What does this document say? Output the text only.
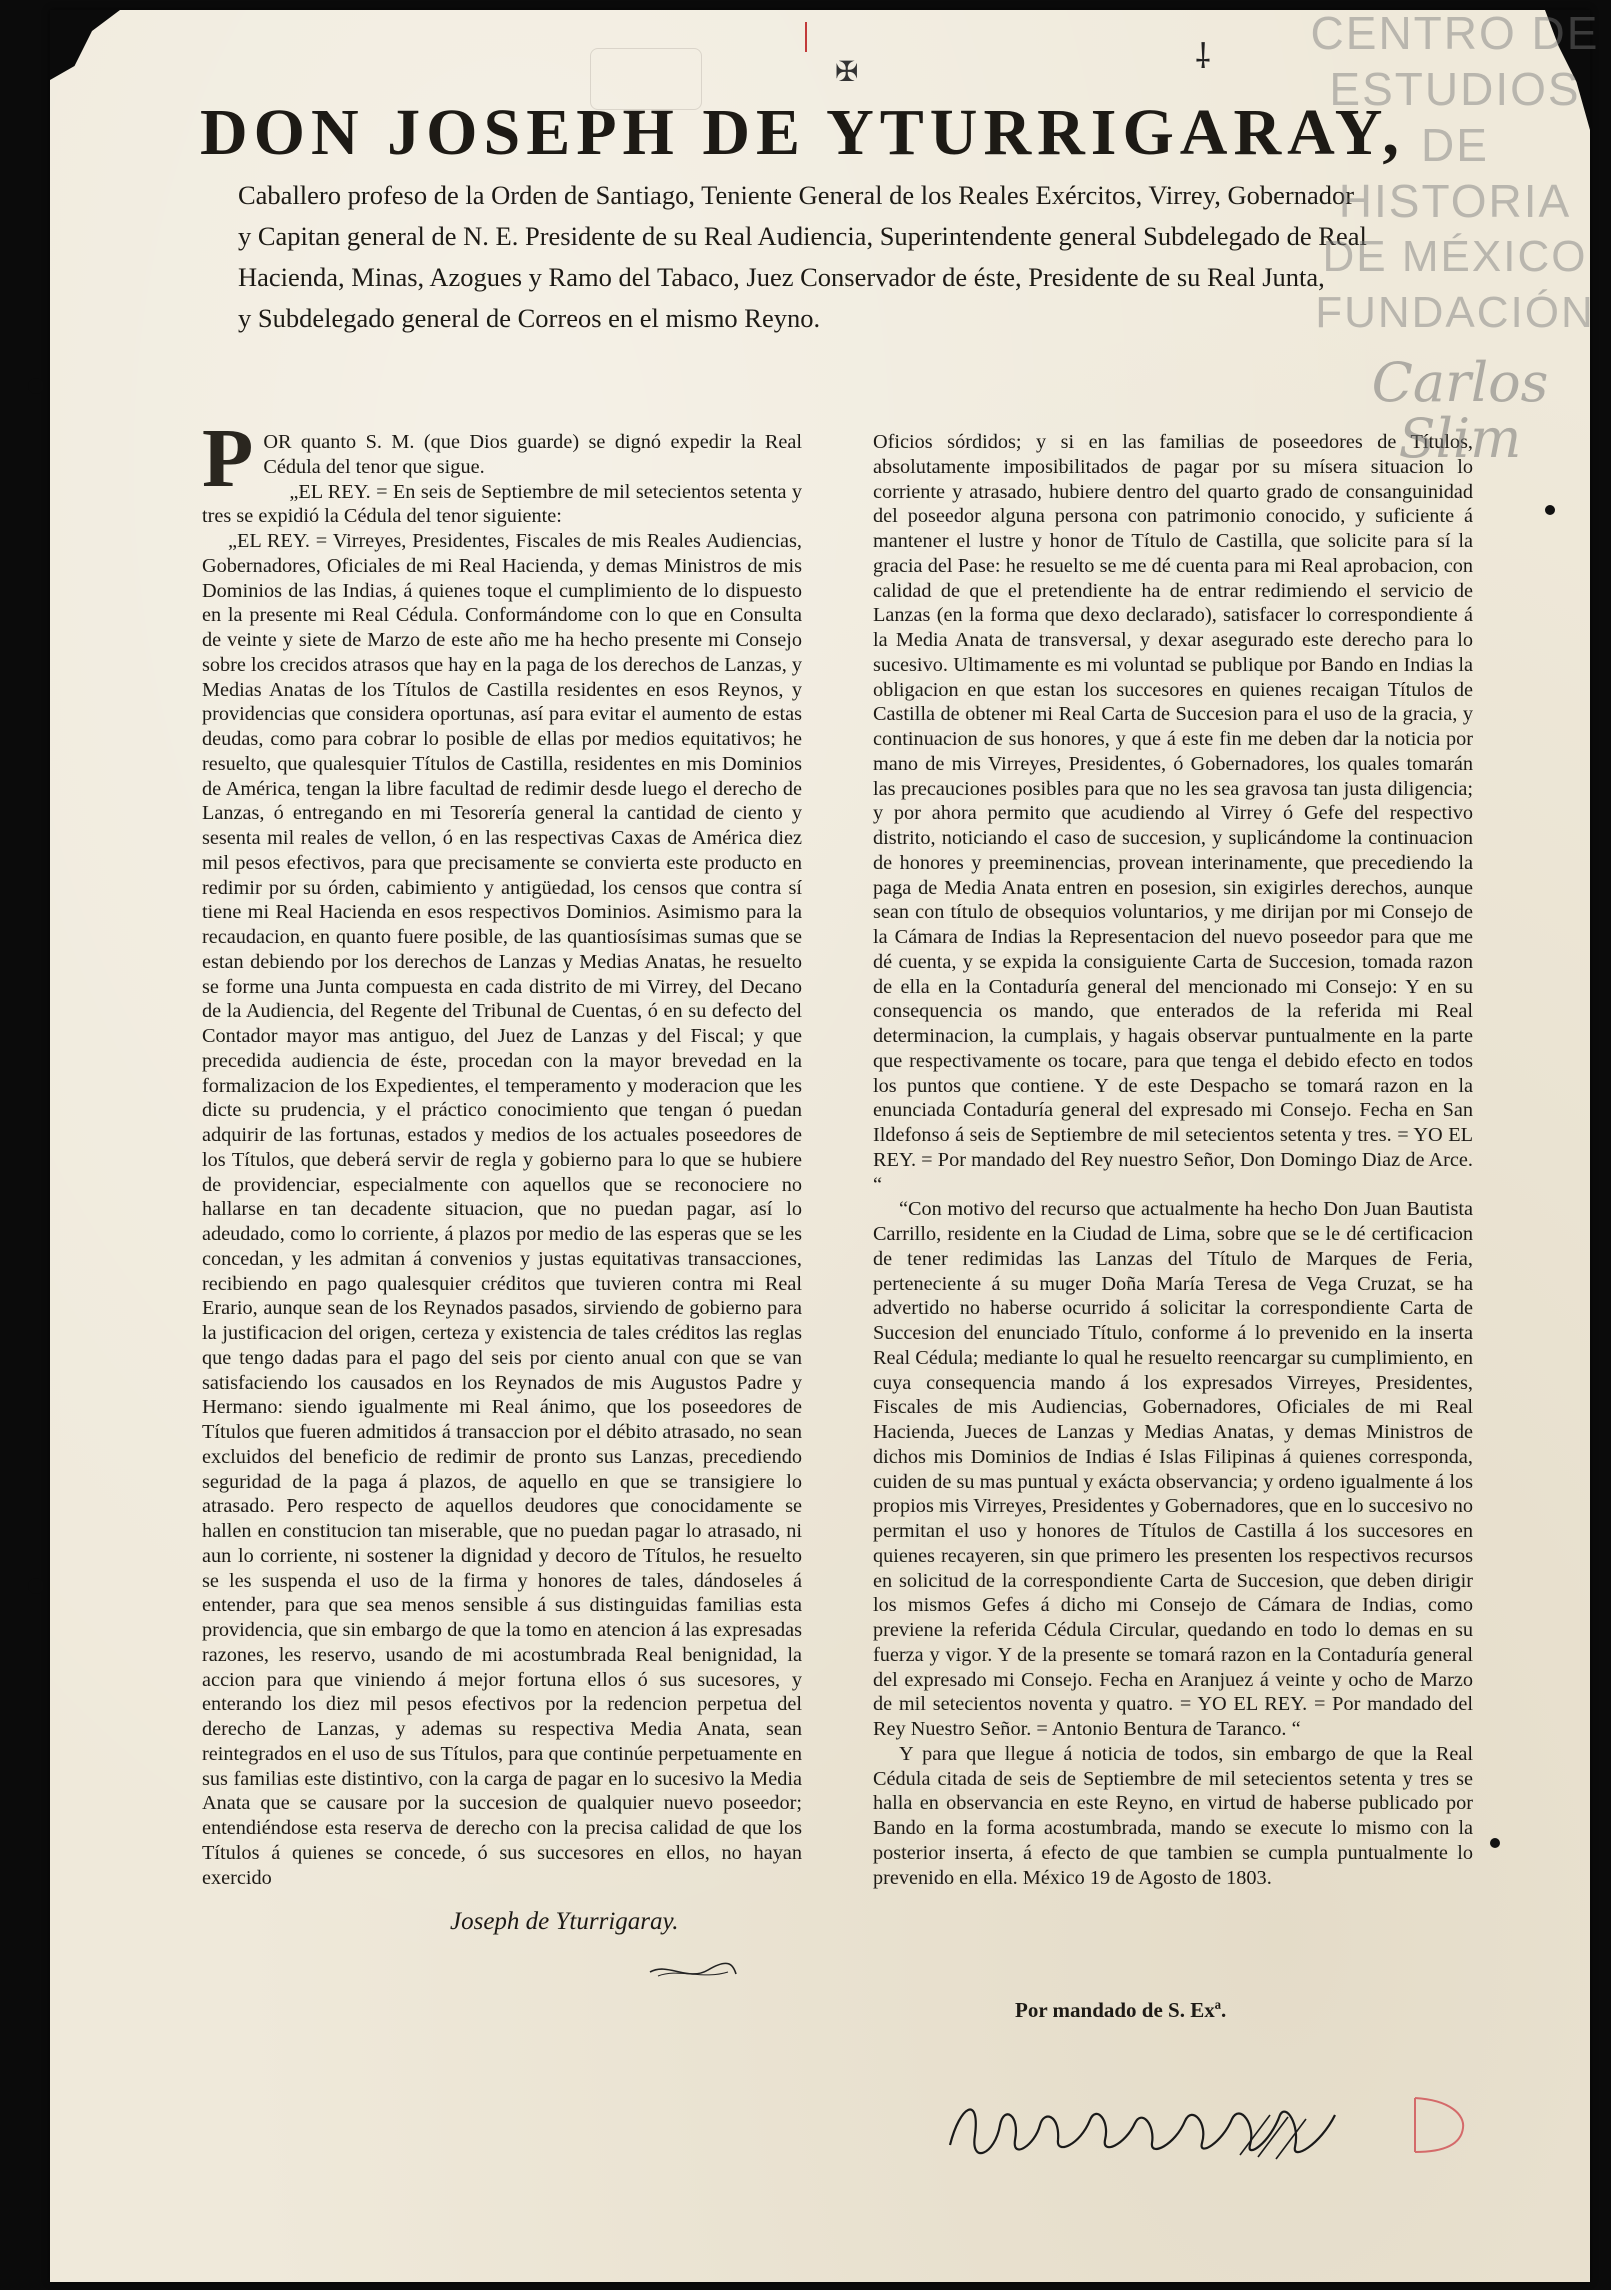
✠	⸸
DON JOSEPH DE YTURRIGARAY,
Caballero profeso de la Orden de Santiago, Teniente General de los Reales Exércitos, Virrey, Gobernador
y Capitan general de N. E. Presidente de su Real Audiencia, Superintendente general Subdelegado de Real
Hacienda, Minas, Azogues y Ramo del Tabaco, Juez Conservador de éste, Presidente de su Real Junta,
y Subdelegado general de Correos en el mismo Reyno.

POR quanto S. M. (que Dios guarde) se dignó expedir la Real Cédula del tenor que sigue.

„EL REY. = En seis de Septiembre de mil setecientos setenta y tres se expidió la Cédula del tenor siguiente:

„EL REY. = Virreyes, Presidentes, Fiscales de mis Reales Audiencias, Gobernadores, Oficiales de mi Real Hacienda, y demas Ministros de mis Dominios de las Indias, á quienes toque el cumplimiento de lo dispuesto en la presente mi Real Cédula. Conformándome con lo que en Consulta de veinte y siete de Marzo de este año me ha hecho presente mi Consejo sobre los crecidos atrasos que hay en la paga de los derechos de Lanzas, y Medias Anatas de los Títulos de Castilla residentes en esos Reynos, y providencias que considera oportunas, así para evitar el aumento de estas deudas, como para cobrar lo posible de ellas por medios equitativos; he resuelto, que qualesquier Títulos de Castilla, residentes en mis Dominios de América, tengan la libre facultad de redimir desde luego el derecho de Lanzas, ó entregando en mi Tesorería general la cantidad de ciento y sesenta mil reales de vellon, ó en las respectivas Caxas de América diez mil pesos efectivos, para que precisamente se convierta este producto en redimir por su órden, cabimiento y antigüedad, los censos que contra sí tiene mi Real Hacienda en esos respectivos Dominios. Asimismo para la recaudacion, en quanto fuere posible, de las quantiosísimas sumas que se estan debiendo por los derechos de Lanzas y Medias Anatas, he resuelto se forme una Junta compuesta en cada distrito de mi Virrey, del Decano de la Audiencia, del Regente del Tribunal de Cuentas, ó en su defecto del Contador mayor mas antiguo, del Juez de Lanzas y del Fiscal; y que precedida audiencia de éste, procedan con la mayor brevedad en la formalizacion de los Expedientes, el temperamento y moderacion que les dicte su prudencia, y el práctico conocimiento que tengan ó puedan adquirir de las fortunas, estados y medios de los actuales poseedores de los Títulos, que deberá servir de regla y gobierno para lo que se hubiere de providenciar, especialmente con aquellos que se reconociere no hallarse en tan decadente situacion, que no puedan pagar, así lo adeudado, como lo corriente, á plazos por medio de las esperas que se les concedan, y les admitan á convenios y justas equitativas transacciones, recibiendo en pago qualesquier créditos que tuvieren contra mi Real Erario, aunque sean de los Reynados pasados, sirviendo de gobierno para la justificacion del origen, certeza y existencia de tales créditos las reglas que tengo dadas para el pago del seis por ciento anual con que se van satisfaciendo los causados en los Reynados de mis Augustos Padre y Hermano: siendo igualmente mi Real ánimo, que los poseedores de Títulos que fueren admitidos á transaccion por el débito atrasado, no sean excluidos del beneficio de redimir de pronto sus Lanzas, precediendo seguridad de la paga á plazos, de aquello en que se transigiere lo atrasado. Pero respecto de aquellos deudores que conocidamente se hallen en constitucion tan miserable, que no puedan pagar lo atrasado, ni aun lo corriente, ni sostener la dignidad y decoro de Títulos, he resuelto se les suspenda el uso de la firma y honores de tales, dándoseles á entender, para que sea menos sensible á sus distinguidas familias esta providencia, que sin embargo de que la tomo en atencion á las expresadas razones, les reservo, usando de mi acostumbrada Real benignidad, la accion para que viniendo á mejor fortuna ellos ó sus sucesores, y enterando los diez mil pesos efectivos por la redencion perpetua del derecho de Lanzas, y ademas su respectiva Media Anata, sean reintegrados en el uso de sus Títulos, para que continúe perpetuamente en sus familias este distintivo, con la carga de pagar en lo sucesivo la Media Anata que se causare por la succesion de qualquier nuevo poseedor; entendiéndose esta reserva de derecho con la precisa calidad de que los Títulos á quienes se concede, ó sus succesores en ellos, no hayan exercido

Oficios sórdidos; y si en las familias de poseedores de Títulos, absolutamente imposibilitados de pagar por su mísera situacion lo corriente y atrasado, hubiere dentro del quarto grado de consanguinidad del poseedor alguna persona con patrimonio conocido, y suficiente á mantener el lustre y honor de Título de Castilla, que solicite para sí la gracia del Pase: he resuelto se me dé cuenta para mi Real aprobacion, con calidad de que el pretendiente ha de entrar redimiendo el servicio de Lanzas (en la forma que dexo declarado), satisfacer lo correspondiente á la Media Anata de transversal, y dexar asegurado este derecho para lo sucesivo. Ultimamente es mi voluntad se publique por Bando en Indias la obligacion en que estan los succesores en quienes recaigan Títulos de Castilla de obtener mi Real Carta de Succesion para el uso de la gracia, y continuacion de sus honores, y que á este fin me deben dar la noticia por mano de mis Virreyes, Presidentes, ó Gobernadores, los quales tomarán las precauciones posibles para que no les sea gravosa tan justa diligencia; y por ahora permito que acudiendo al Virrey ó Gefe del respectivo distrito, noticiando el caso de succesion, y suplicándome la continuacion de honores y preeminencias, provean interinamente, que precediendo la paga de Media Anata entren en posesion, sin exigirles derechos, aunque sean con título de obsequios voluntarios, y me dirijan por mi Consejo de la Cámara de Indias la Representacion del nuevo poseedor para que me dé cuenta, y se expida la consiguiente Carta de Succesion, tomada razon de ella en la Contaduría general del mencionado mi Consejo: Y en su consequencia os mando, que enterados de la referida mi Real determinacion, la cumplais, y hagais observar puntualmente en la parte que respectivamente os tocare, para que tenga el debido efecto en todos los puntos que contiene. Y de este Despacho se tomará razon en la enunciada Contaduría general del expresado mi Consejo. Fecha en San Ildefonso á seis de Septiembre de mil setecientos setenta y tres. = YO EL REY. = Por mandado del Rey nuestro Señor, Don Domingo Diaz de Arce. “

“Con motivo del recurso que actualmente ha hecho Don Juan Bautista Carrillo, residente en la Ciudad de Lima, sobre que se le dé certificacion de tener redimidas las Lanzas del Título de Marques de Feria, perteneciente á su muger Doña María Teresa de Vega Cruzat, se ha advertido no haberse ocurrido á solicitar la correspondiente Carta de Succesion del enunciado Título, conforme á lo prevenido en la inserta Real Cédula; mediante lo qual he resuelto reencargar su cumplimiento, en cuya consequencia mando á los expresados Virreyes, Presidentes, Fiscales de mis Audiencias, Gobernadores, Oficiales de mi Real Hacienda, Jueces de Lanzas y Medias Anatas, y demas Ministros de dichos mis Dominios de Indias é Islas Filipinas á quienes corresponda, cuiden de su mas puntual y exácta observancia; y ordeno igualmente á los propios mis Virreyes, Presidentes y Gobernadores, que en lo succesivo no permitan el uso y honores de Títulos de Castilla á los succesores en quienes recayeren, sin que primero les presenten los respectivos recursos en solicitud de la correspondiente Carta de Succesion, que deben dirigir los mismos Gefes á dicho mi Consejo de Cámara de Indias, como previene la referida Cédula Circular, quedando en todo lo demas en su fuerza y vigor. Y de la presente se tomará razon en la Contaduría general del expresado mi Consejo. Fecha en Aranjuez á veinte y ocho de Marzo de mil setecientos noventa y quatro. = YO EL REY. = Por mandado del Rey Nuestro Señor. = Antonio Bentura de Taranco. “

Y para que llegue á noticia de todos, sin embargo de que la Real Cédula citada de seis de Septiembre de mil setecientos setenta y tres se halla en observancia en este Reyno, en virtud de haberse publicado por Bando en la forma acostumbrada, mando se execute lo mismo con la posterior inserta, á efecto de que tambien se cumpla puntualmente lo prevenido en ella. México 19 de Agosto de 1803.

Joseph de Yturrigaray.
Por mandado de S. Exª.
CENTRO DE
ESTUDIOS
DE HISTORIA
DE MÉXICO
FUNDACIÓN
Carlos Slim
